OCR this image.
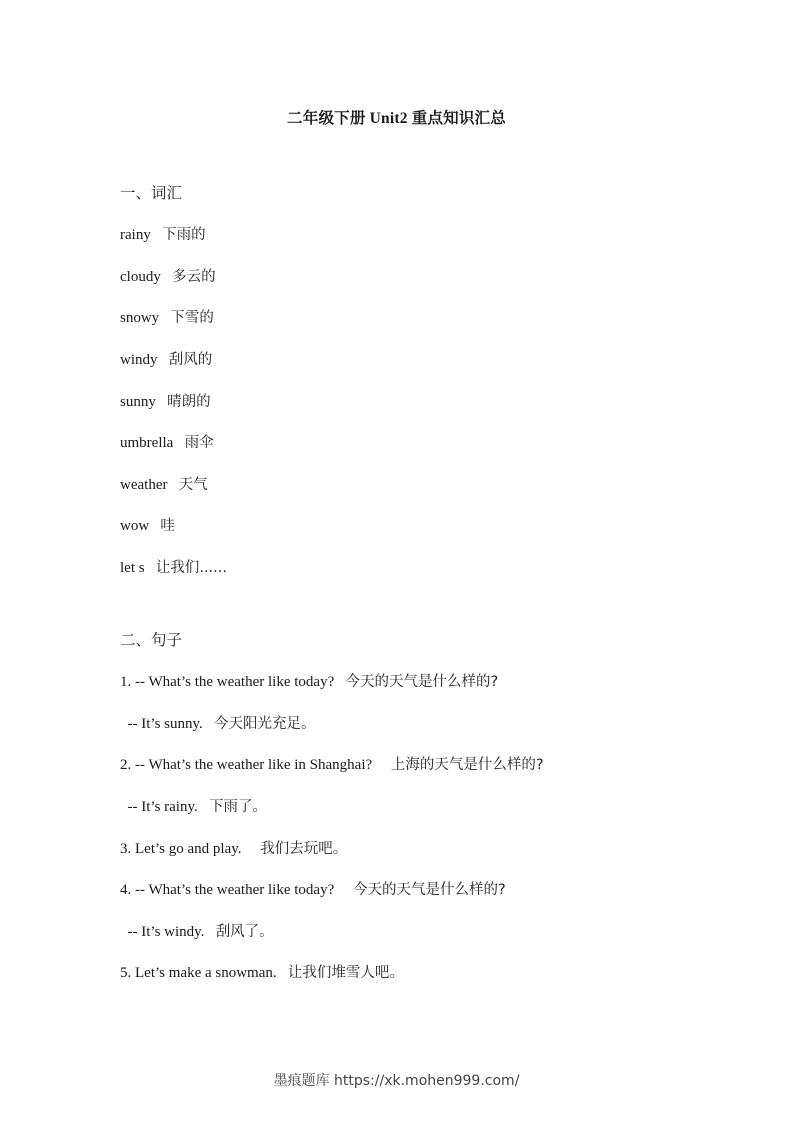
二年级下册 Unit2 重点知识汇总
一、词汇
rainy 下雨的
cloudy 多云的
snowy 下雪的
windy 刮风的
sunny 晴朗的
umbrella 雨伞
weather 天气
wow 哇
let s 让我们......
二、句子
1. -- What’s the weather like today? 今天的天气是什么样的?
-- It’s sunny. 今天阳光充足。
2. -- What’s the weather like in Shanghai? 上海的天气是什么样的?
-- It’s rainy. 下雨了。
3. Let’s go and play. 我们去玩吧。
4. -- What’s the weather like today? 今天的天气是什么样的?
-- It’s windy. 刮风了。
5. Let’s make a snowman. 让我们堆雪人吧。
墨痕题库 https://xk.mohen999.com/
